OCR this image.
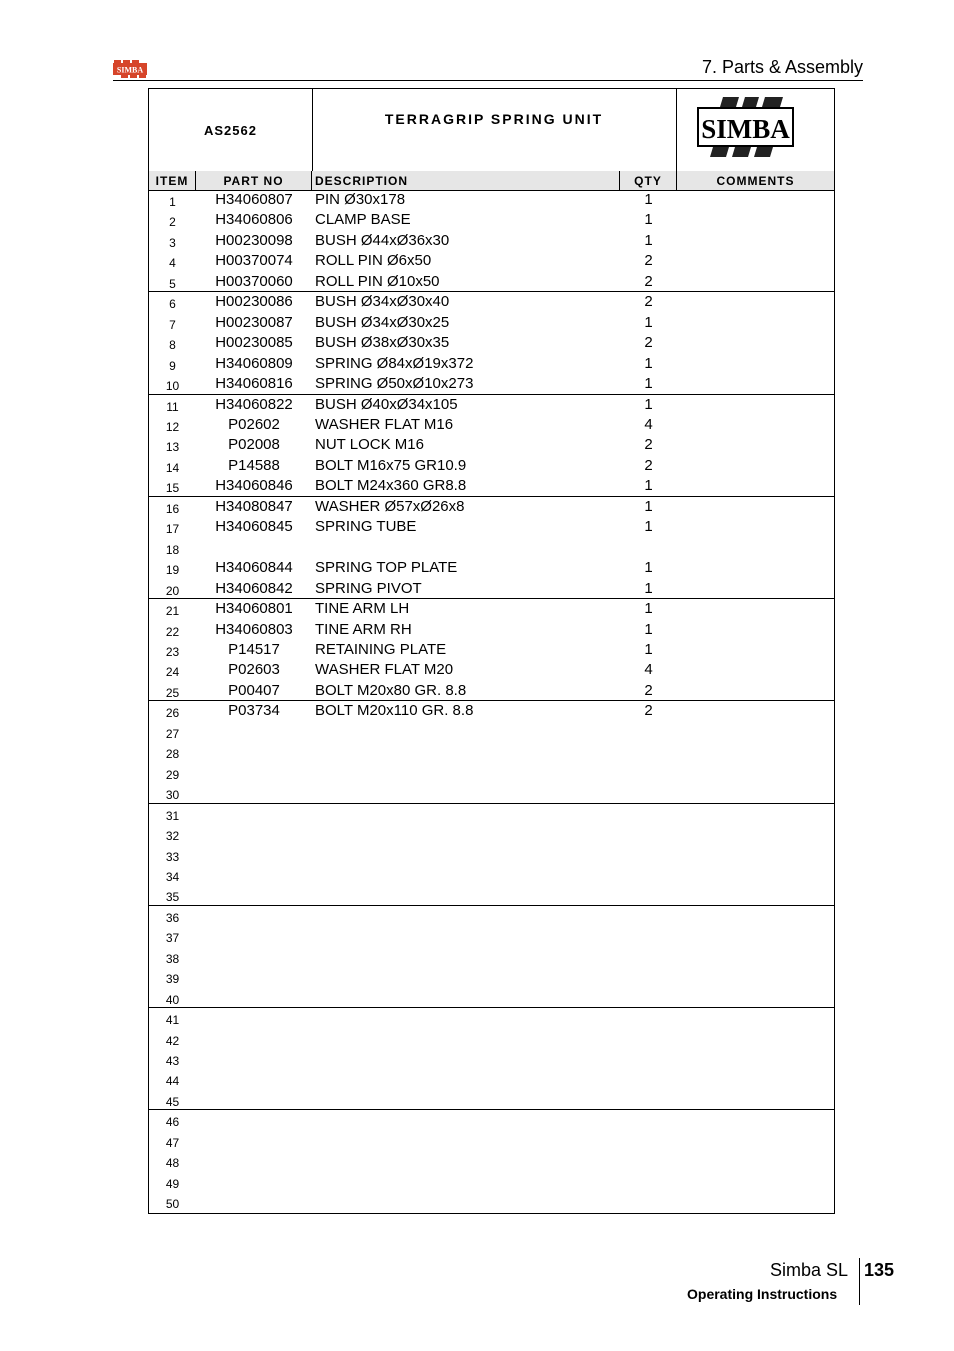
SIMBA	7. Parts & Assembly
AS2562
TERRAGRIP SPRING UNIT	SIMBA
ITEM	PART NO	DESCRIPTION	QTY	COMMENTS
1	H34060807	PIN Ø30x178	1
2	H34060806	CLAMP BASE	1
3	H00230098	BUSH Ø44xØ36x30	1
4	H00370074	ROLL PIN Ø6x50	2
5	H00370060	ROLL PIN Ø10x50	2
6	H00230086	BUSH Ø34xØ30x40	2
7	H00230087	BUSH Ø34xØ30x25	1
8	H00230085	BUSH Ø38xØ30x35	2
9	H34060809	SPRING Ø84xØ19x372	1
10	H34060816	SPRING Ø50xØ10x273	1
11	H34060822	BUSH Ø40xØ34x105	1
12	P02602	WASHER FLAT M16	4
13	P02008	NUT LOCK M16	2
14	P14588	BOLT M16x75 GR10.9	2
15	H34060846	BOLT M24x360 GR8.8	1
16	H34080847	WASHER Ø57xØ26x8	1
17	H34060845	SPRING TUBE	1
18
19	H34060844	SPRING TOP PLATE	1
20	H34060842	SPRING PIVOT	1
21	H34060801	TINE ARM LH	1
22	H34060803	TINE ARM RH	1
23	P14517	RETAINING PLATE	1
24	P02603	WASHER FLAT M20	4
25	P00407	BOLT M20x80 GR. 8.8	2
26	P03734	BOLT M20x110 GR. 8.8	2
27
28
29
30
31
32
33
34
35
36
37
38
39
40
41
42
43
44
45
46
47
48
49
50
Simba SL 135
Operating Instructions
